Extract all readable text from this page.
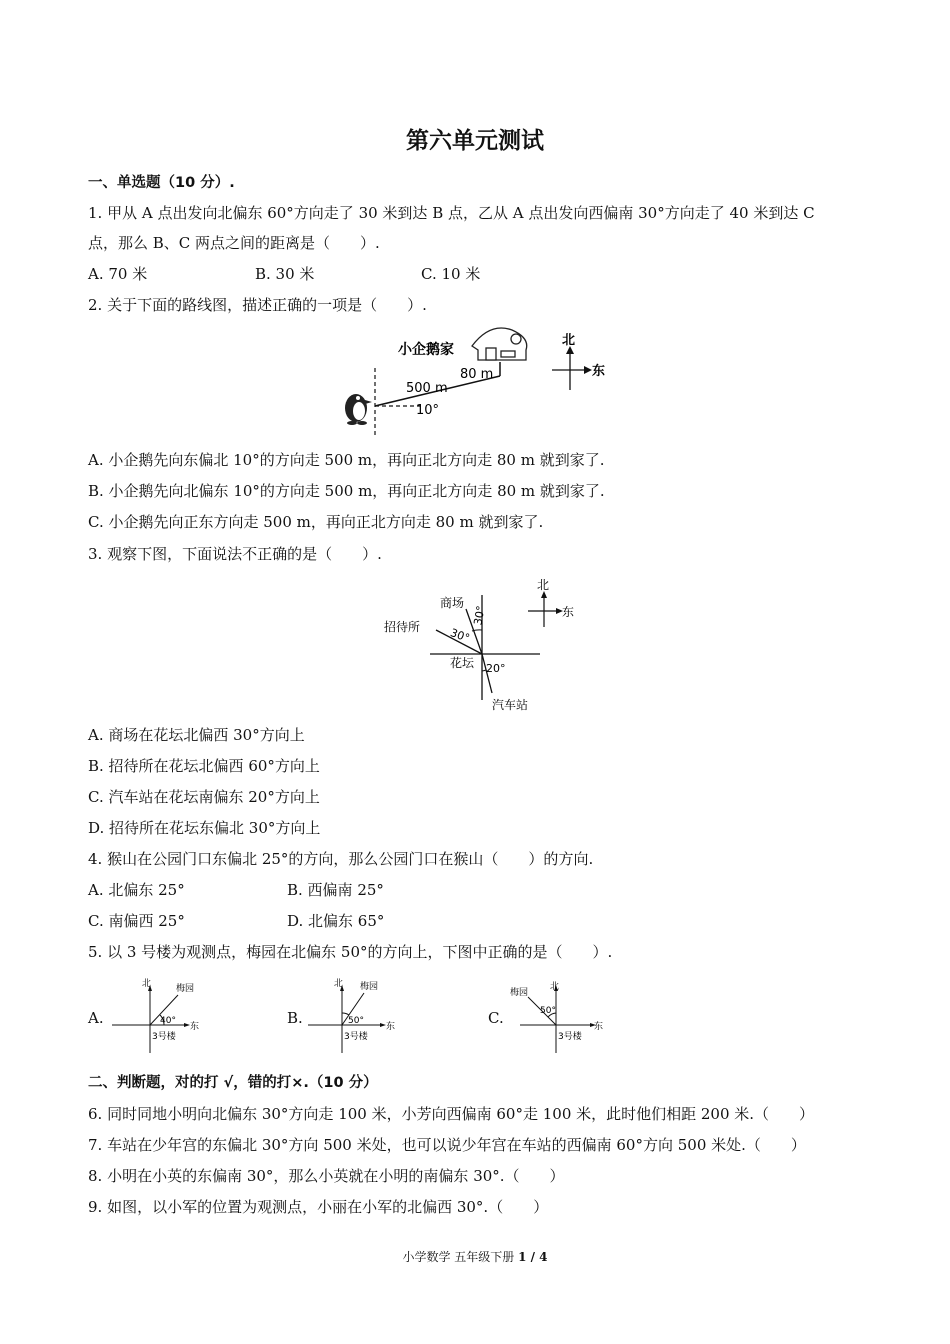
第六单元测试
一、单选题（10 分）.
1. 甲从 A 点出发向北偏东 60°方向走了 30 米到达 B 点，乙从 A 点出发向西偏南 30°方向走了 40 米到达 C
点，那么 B、C 两点之间的距离是（　　）.
A. 70 米	B. 30 米	C. 10 米
2. 关于下面的路线图，描述正确的一项是（　　）.
小企鹅家
500 m
80 m
10°
北
东
A. 小企鹅先向东偏北 10°的方向走 500 m，再向正北方向走 80 m 就到家了.
B. 小企鹅先向北偏东 10°的方向走 500 m，再向正北方向走 80 m 就到家了.
C. 小企鹅先向正东方向走 500 m，再向正北方向走 80 m 就到家了.
3. 观察下图，下面说法不正确的是（　　）.
商场
招待所
花坛
汽车站
30°
30°
20°
北
东
A. 商场在花坛北偏西 30°方向上
B. 招待所在花坛北偏西 60°方向上
C. 汽车站在花坛南偏东 20°方向上
D. 招待所在花坛东偏北 30°方向上
4. 猴山在公园门口东偏北 25°的方向，那么公园门口在猴山（　　）的方向.
A. 北偏东 25°	B. 西偏南 25°
C. 南偏西 25°	D. 北偏东 65°
5. 以 3 号楼为观测点，梅园在北偏东 50°的方向上，下图中正确的是（　　）.
A.
北	梅园
40°
东
3号楼
B.
北 梅园
50°
东
3号楼
C.
北
梅园
50°
东
3号楼
二、判断题，对的打 √，错的打×.（10 分）
6. 同时同地小明向北偏东 30°方向走 100 米，小芳向西偏南 60°走 100 米，此时他们相距 200 米.（　　）
7. 车站在少年宫的东偏北 30°方向 500 米处，也可以说少年宫在车站的西偏南 60°方向 500 米处.（　　）
8. 小明在小英的东偏南 30°，那么小英就在小明的南偏东 30°.（　　）
9. 如图，以小军的位置为观测点，小丽在小军的北偏西 30°.（　　）
小学数学 五年级下册 1 / 4
